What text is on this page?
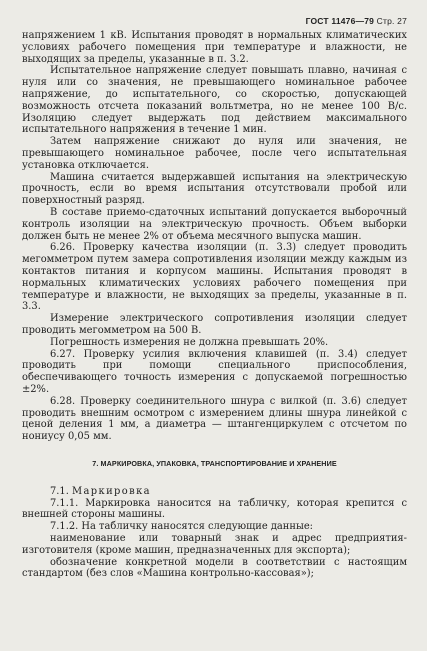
ГОСТ 11476—79 Стр. 27

напряжением 1 кВ. Испытания проводят в нормальных климатических условиях рабочего помещения при температуре и влажности, не выходящих за пределы, указанные в п. 3.2.

Испытательное напряжение следует повышать плавно, начиная с нуля или со значения, не превышающего номинальное рабочее напряжение, до испытательного, со скоростью, допускающей возможность отсчета показаний вольтметра, но не менее 100 В/с. Изоляцию следует выдержать под действием максимального испытательного напряжения в течение 1 мин.

Затем напряжение снижают до нуля или значения, не превышающего номинальное рабочее, после чего испытательная установка отключается.

Машина считается выдержавшей испытания на электрическую прочность, если во время испытания отсутствовали пробой или поверхностный разряд.

В составе приемо-сдаточных испытаний допускается выборочный контроль изоляции на электрическую прочность. Объем выборки должен быть не менее 2% от объема месячного выпуска машин.

6.26. Проверку качества изоляции (п. 3.3) следует проводить мегомметром путем замера сопротивления изоляции между каждым из контактов питания и корпусом машины. Испытания проводят в нормальных климатических условиях рабочего помещения при температуре и влажности, не выходящих за пределы, указанные в п. 3.3.

Измерение электрического сопротивления изоляции следует проводить мегомметром на 500 В.

Погрешность измерения не должна превышать 20%.

6.27. Проверку усилия включения клавишей (п. 3.4) следует проводить при помощи специального приспособления, обеспечивающего точность измерения с допускаемой погрешностью ±2%.

6.28. Проверку соединительного шнура с вилкой (п. 3.6) следует проводить внешним осмотром с измерением длины шнура линейкой с ценой деления 1 мм, а диаметра — штангенциркулем с отсчетом по нониусу 0,05 мм.

7. МАРКИРОВКА, УПАКОВКА, ТРАНСПОРТИРОВАНИЕ И ХРАНЕНИЕ

7.1. Маркировка

7.1.1. Маркировка наносится на табличку, которая крепится с внешней стороны машины.

7.1.2. На табличку наносятся следующие данные:

наименование или товарный знак и адрес предприятия-изготовителя (кроме машин, предназначенных для экспорта);

обозначение конкретной модели в соответствии с настоящим стандартом (без слов «Машина контрольно-кассовая»);
